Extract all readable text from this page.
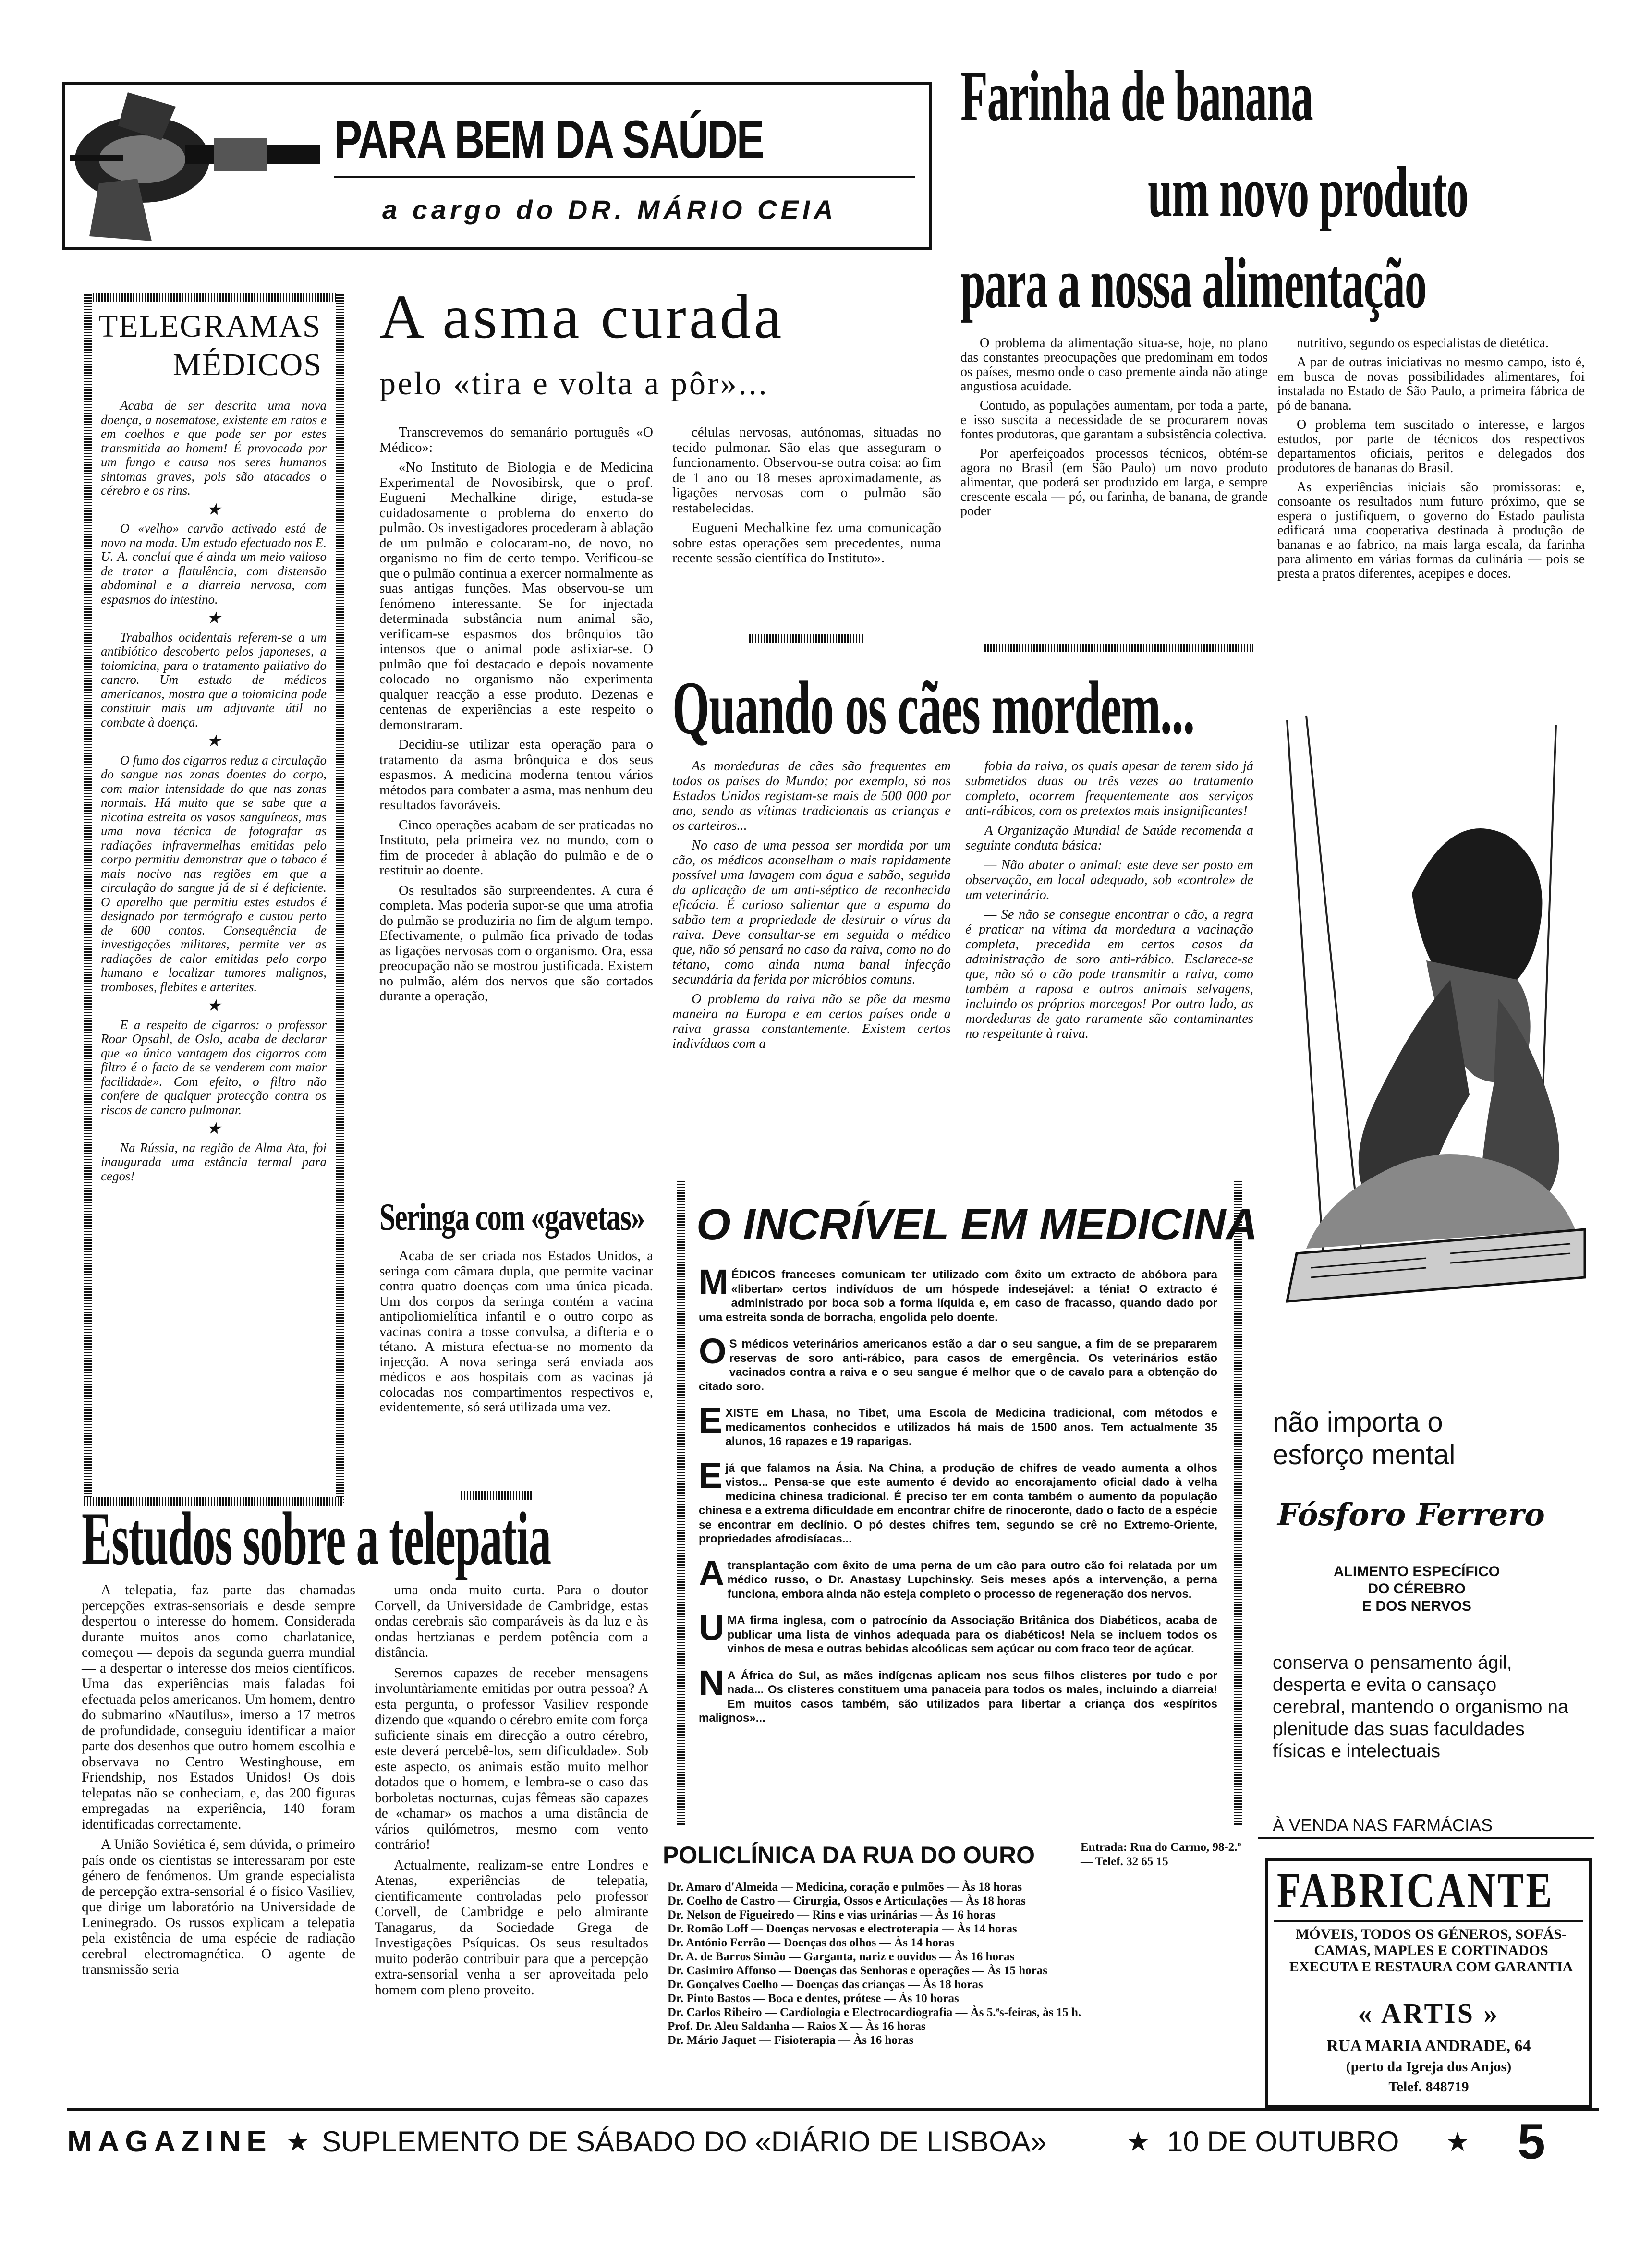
PARA BEM DA SAÚDE
a cargo do DR. MÁRIO CEIA
Farinha de banana
um novo produto
para a nossa alimentação

O problema da alimentação situa-se, hoje, no plano das constantes preocupações que predominam em todos os países, mesmo onde o caso premente ainda não atinge angustiosa acuidade.

Contudo, as populações aumentam, por toda a parte, e isso suscita a necessidade de se procurarem novas fontes produtoras, que garantam a subsistência colectiva.

Por aperfeiçoados processos técnicos, obtém-se agora no Brasil (em São Paulo) um novo produto alimentar, que poderá ser produzido em larga, e sempre crescente escala — pó, ou farinha, de banana, de grande poder

nutritivo, segundo os especialistas de dietética.

A par de outras iniciativas no mesmo campo, isto é, em busca de novas possibilidades alimentares, foi instalada no Estado de São Paulo, a primeira fábrica de pó de banana.

O problema tem suscitado o interesse, e largos estudos, por parte de técnicos dos respectivos departamentos oficiais, peritos e delegados dos produtores de bananas do Brasil.

As experiências iniciais são promissoras: e, consoante os resultados num futuro próximo, que se espera o justifiquem, o governo do Estado paulista edificará uma cooperativa destinada à produção de bananas e ao fabrico, na mais larga escala, da farinha para alimento em várias formas da culinária — pois se presta a pratos diferentes, acepipes e doces.

TELEGRAMAS
MÉDICOS

Acaba de ser descrita uma nova doença, a nosematose, existente em ratos e em coelhos e que pode ser por estes transmitida ao homem! É provocada por um fungo e causa nos seres humanos sintomas graves, pois são atacados o cérebro e os rins.

★

O «velho» carvão activado está de novo na moda. Um estudo efectuado nos E. U. A. concluí que é ainda um meio valioso de tratar a flatulência, com distensão abdominal e a diarreia nervosa, com espasmos do intestino.

★

Trabalhos ocidentais referem-se a um antibiótico descoberto pelos japoneses, a toiomicina, para o tratamento paliativo do cancro. Um estudo de médicos americanos, mostra que a toiomicina pode constituir mais um adjuvante útil no combate à doença.

★

O fumo dos cigarros reduz a circulação do sangue nas zonas doentes do corpo, com maior intensidade do que nas zonas normais. Há muito que se sabe que a nicotina estreita os vasos sanguíneos, mas uma nova técnica de fotografar as radiações infravermelhas emitidas pelo corpo permitiu demonstrar que o tabaco é mais nocivo nas regiões em que a circulação do sangue já de si é deficiente. O aparelho que permitiu estes estudos é designado por termógrafo e custou perto de 600 contos. Consequência de investigações militares, permite ver as radiações de calor emitidas pelo corpo humano e localizar tumores malignos, tromboses, flebites e arterites.

★

E a respeito de cigarros: o professor Roar Opsahl, de Oslo, acaba de declarar que «a única vantagem dos cigarros com filtro é o facto de se venderem com maior facilidade». Com efeito, o filtro não confere de qualquer protecção contra os riscos de cancro pulmonar.

★

Na Rússia, na região de Alma Ata, foi inaugurada uma estância termal para cegos!

A asma curada
pelo «tira e volta a pôr»...

Transcrevemos do semanário português «O Médico»:

«No Instituto de Biologia e de Medicina Experimental de Novosibirsk, que o prof. Eugueni Mechalkine dirige, estuda-se cuidadosamente o problema do enxerto do pulmão. Os investigadores procederam à ablação de um pulmão e colocaram-no, de novo, no organismo no fim de certo tempo. Verificou-se que o pulmão continua a exercer normalmente as suas antigas funções. Mas observou-se um fenómeno interessante. Se for injectada determinada substância num animal são, verificam-se espasmos dos brônquios tão intensos que o animal pode asfixiar-se. O pulmão que foi destacado e depois novamente colocado no organismo não experimenta qualquer reacção a esse produto. Dezenas e centenas de experiências a este respeito o demonstraram.

Decidiu-se utilizar esta operação para o tratamento da asma brônquica e dos seus espasmos. A medicina moderna tentou vários métodos para combater a asma, mas nenhum deu resultados favoráveis.

Cinco operações acabam de ser praticadas no Instituto, pela primeira vez no mundo, com o fim de proceder à ablação do pulmão e de o restituir ao doente.

Os resultados são surpreendentes. A cura é completa. Mas poderia supor-se que uma atrofia do pulmão se produziria no fim de algum tempo. Efectivamente, o pulmão fica privado de todas as ligações nervosas com o organismo. Ora, essa preocupação não se mostrou justificada. Existem no pulmão, além dos nervos que são cortados durante a operação,

células nervosas, autónomas, situadas no tecido pulmonar. São elas que asseguram o funcionamento. Observou-se outra coisa: ao fim de 1 ano ou 18 meses aproximadamente, as ligações nervosas com o pulmão são restabelecidas.

Eugueni Mechalkine fez uma comunicação sobre estas operações sem precedentes, numa recente sessão científica do Instituto».

Quando os cães mordem...

As mordeduras de cães são frequentes em todos os países do Mundo; por exemplo, só nos Estados Unidos registam-se mais de 500 000 por ano, sendo as vítimas tradicionais as crianças e os carteiros...

No caso de uma pessoa ser mordida por um cão, os médicos aconselham o mais rapidamente possível uma lavagem com água e sabão, seguida da aplicação de um anti-séptico de reconhecida eficácia. É curioso salientar que a espuma do sabão tem a propriedade de destruir o vírus da raiva. Deve consultar-se em seguida o médico que, não só pensará no caso da raiva, como no do tétano, como ainda numa banal infecção secundária da ferida por micróbios comuns.

O problema da raiva não se põe da mesma maneira na Europa e em certos países onde a raiva grassa constantemente. Existem certos indivíduos com a

fobia da raiva, os quais apesar de terem sido já submetidos duas ou três vezes ao tratamento completo, ocorrem frequentemente aos serviços anti-rábicos, com os pretextos mais insignificantes!

A Organização Mundial de Saúde recomenda a seguinte conduta básica:

— Não abater o animal: este deve ser posto em observação, em local adequado, sob «controle» de um veterinário.

— Se não se consegue encontrar o cão, a regra é praticar na vítima da mordedura a vacinação completa, precedida em certos casos da administração de soro anti-rábico. Esclarece-se que, não só o cão pode transmitir a raiva, como também a raposa e outros animais selvagens, incluindo os próprios morcegos! Por outro lado, as mordeduras de gato raramente são contaminantes no respeitante à raiva.

Seringa com «gavetas»

Acaba de ser criada nos Estados Unidos, a seringa com câmara dupla, que permite vacinar contra quatro doenças com uma única picada. Um dos corpos da seringa contém a vacina antipoliomielítica infantil e o outro corpo as vacinas contra a tosse convulsa, a difteria e o tétano. A mistura efectua-se no momento da injecção. A nova seringa será enviada aos médicos e aos hospitais com as vacinas já colocadas nos compartimentos respectivos e, evidentemente, só será utilizada uma vez.

O INCRÍVEL EM MEDICINA

MÉDICOS franceses comunicam ter utilizado com êxito um extracto de abóbora para «libertar» certos indivíduos de um hóspede indesejável: a ténia! O extracto é administrado por boca sob a forma líquida e, em caso de fracasso, quando dado por uma estreita sonda de borracha, engolida pelo doente.

O S médicos veterinários americanos estão a dar o seu sangue, a fim de se prepararem reservas de soro anti-rábico, para casos de emergência. Os veterinários estão vacinados contra a raiva e o seu sangue é melhor que o de cavalo para a obtenção do citado soro.

EXISTE em Lhasa, no Tibet, uma Escola de Medicina tradicional, com métodos e medicamentos conhecidos e utilizados há mais de 1500 anos. Tem actualmente 35 alunos, 16 rapazes e 19 raparigas.

E já que falamos na Ásia. Na China, a produção de chifres de veado aumenta a olhos vistos... Pensa-se que este aumento é devido ao encorajamento oficial dado à velha medicina chinesa tradicional. É preciso ter em conta também o aumento da população chinesa e a extrema dificuldade em encontrar chifre de rinoceronte, dado o facto de a espécie se encontrar em declínio. O pó destes chifres tem, segundo se crê no Extremo-Oriente, propriedades afrodisíacas...

A transplantação com êxito de uma perna de um cão para outro cão foi relatada por um médico russo, o Dr. Anastasy Lupchinsky. Seis meses após a intervenção, a perna funciona, embora ainda não esteja completo o processo de regeneração dos nervos.

UMA firma inglesa, com o patrocínio da Associação Britânica dos Diabéticos, acaba de publicar uma lista de vinhos adequada para os diabéticos! Nela se incluem todos os vinhos de mesa e outras bebidas alcoólicas sem açúcar ou com fraco teor de açúcar.

N A África do Sul, as mães indígenas aplicam nos seus filhos clisteres por tudo e por nada... Os clisteres constituem uma panaceia para todos os males, incluindo a diarreia! Em muitos casos também, são utilizados para libertar a criança dos «espíritos malignos»...

Estudos sobre a telepatia

A telepatia, faz parte das chamadas percepções extras-sensoriais e desde sempre despertou o interesse do homem. Considerada durante muitos anos como charlatanice, começou — depois da segunda guerra mundial — a despertar o interesse dos meios científicos. Uma das experiências mais faladas foi efectuada pelos americanos. Um homem, dentro do submarino «Nautilus», imerso a 17 metros de profundidade, conseguiu identificar a maior parte dos desenhos que outro homem escolhia e observava no Centro Westinghouse, em Friendship, nos Estados Unidos! Os dois telepatas não se conheciam, e, das 200 figuras empregadas na experiência, 140 foram identificadas correctamente.

A União Soviética é, sem dúvida, o primeiro país onde os cientistas se interessaram por este género de fenómenos. Um grande especialista de percepção extra-sensorial é o físico Vasiliev, que dirige um laboratório na Universidade de Leninegrado. Os russos explicam a telepatia pela existência de uma espécie de radiação cerebral electromagnética. O agente de transmissão seria

uma onda muito curta. Para o doutor Corvell, da Universidade de Cambridge, estas ondas cerebrais são comparáveis às da luz e às ondas hertzianas e perdem potência com a distância.

Seremos capazes de receber mensagens involuntàriamente emitidas por outra pessoa? A esta pergunta, o professor Vasiliev responde dizendo que «quando o cérebro emite com força suficiente sinais em direcção a outro cérebro, este deverá percebê-los, sem dificuldade». Sob este aspecto, os animais estão muito melhor dotados que o homem, e lembra-se o caso das borboletas nocturnas, cujas fêmeas são capazes de «chamar» os machos a uma distância de vários quilómetros, mesmo com vento contrário!

Actualmente, realizam-se entre Londres e Atenas, experiências de telepatia, cientificamente controladas pelo professor Corvell, de Cambridge e pelo almirante Tanagarus, da Sociedade Grega de Investigações Psíquicas. Os seus resultados muito poderão contribuir para que a percepção extra-sensorial venha a ser aproveitada pelo homem com pleno proveito.

POLICLÍNICA DA RUA DO OURO	Entrada: Rua do Carmo, 98-2.º — Telef. 32 65 15
Dr. Amaro d'Almeida — Medicina, coração e pulmões — Às 18 horas
Dr. Coelho de Castro — Cirurgia, Ossos e Articulações — Às 18 horas
Dr. Nelson de Figueiredo — Rins e vias urinárias — Às 16 horas
Dr. Romão Loff — Doenças nervosas e electroterapia — Às 14 horas
Dr. António Ferrão — Doenças dos olhos — Às 14 horas
Dr. A. de Barros Simão — Garganta, nariz e ouvidos — Às 16 horas
Dr. Casimiro Affonso — Doenças das Senhoras e operações — Às 15 horas
Dr. Gonçalves Coelho — Doenças das crianças — Às 18 horas
Dr. Pinto Bastos — Boca e dentes, prótese — Às 10 horas
Dr. Carlos Ribeiro — Cardiologia e Electrocardiografia — Às 5.ªs-feiras, às 15 h.
Prof. Dr. Aleu Saldanha — Raios X — Às 16 horas
Dr. Mário Jaquet — Fisioterapia — Às 16 horas
não importa o
esforço mental
Fósforo Ferrero
ALIMENTO ESPECÍFICO
DO CÉREBRO
E DOS NERVOS
conserva o pensamento ágil, desperta e evita o cansaço cerebral, mantendo o organismo na plenitude das suas faculdades físicas e intelectuais
À VENDA NAS FARMÁCIAS
FABRICANTE
MÓVEIS, TODOS OS GÉNEROS, SOFÁS-CAMAS, MAPLES E CORTINADOS EXECUTA E RESTAURA COM GARANTIA
« ARTIS »
RUA MARIA ANDRADE, 64
(perto da Igreja dos Anjos)
Telef. 848719
MAGAZINE ★ SUPLEMENTO DE SÁBADO DO «DIÁRIO DE LISBOA»	★ 10 DE OUTUBRO ★ 5
